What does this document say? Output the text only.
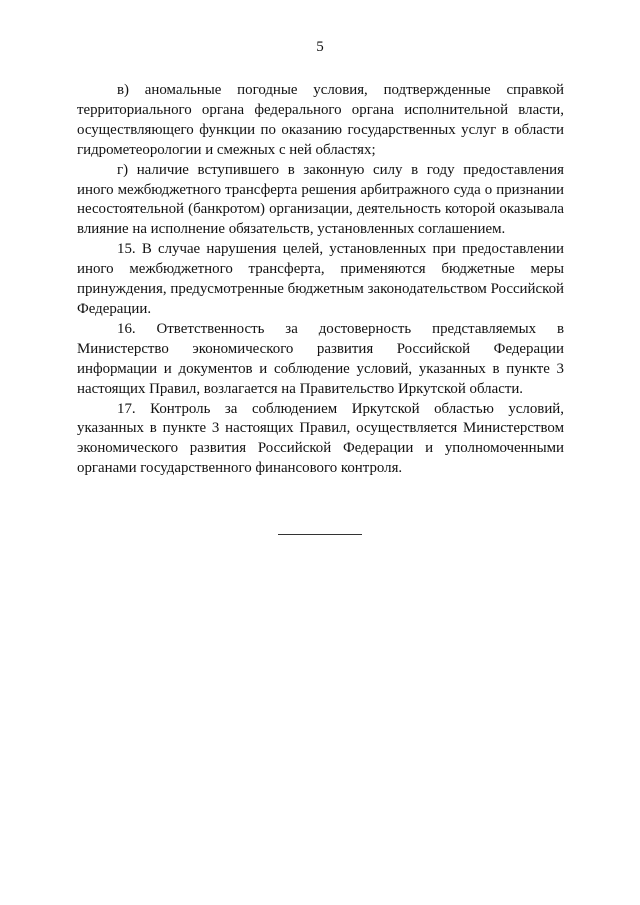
5

в) аномальные погодные условия, подтвержденные справкой территориального органа федерального органа исполнительной власти, осуществляющего функции по оказанию государственных услуг в области гидрометеорологии и смежных с ней областях;

г) наличие вступившего в законную силу в году предоставления иного межбюджетного трансферта решения арбитражного суда о признании несостоятельной (банкротом) организации, деятельность которой оказывала влияние на исполнение обязательств, установленных соглашением.

15. В случае нарушения целей, установленных при предоставлении иного межбюджетного трансферта, применяются бюджетные меры принуждения, предусмотренные бюджетным законодательством Российской Федерации.

16. Ответственность за достоверность представляемых в Министерство экономического развития Российской Федерации информации и документов и соблюдение условий, указанных в пункте 3 настоящих Правил, возлагается на Правительство Иркутской области.

17. Контроль за соблюдением Иркутской областью условий, указанных в пункте 3 настоящих Правил, осуществляется Министерством экономического развития Российской Федерации и уполномоченными органами государственного финансового контроля.
